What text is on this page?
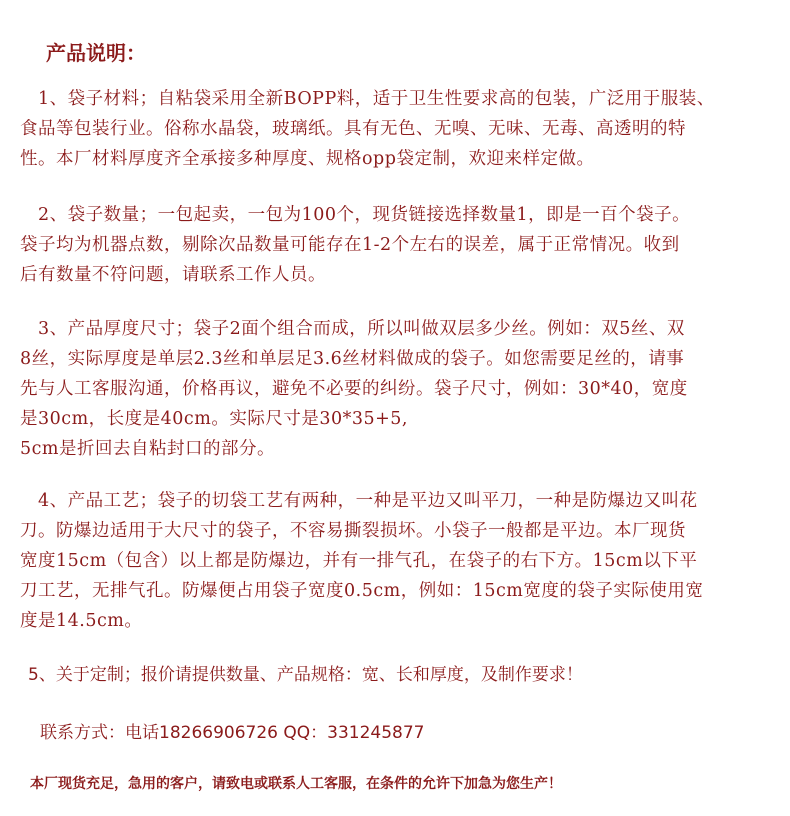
产品说明：
1、袋子材料；自粘袋采用全新BOPP料，适于卫生性要求高的包装，广泛用于服装、
食品等包装行业。俗称水晶袋，玻璃纸。具有无色、无嗅、无味、无毒、高透明的特
性。本厂材料厚度齐全承接多种厚度、规格opp袋定制，欢迎来样定做。
2、袋子数量；一包起卖，一包为100个，现货链接选择数量1，即是一百个袋子。
袋子均为机器点数，剔除次品数量可能存在1-2个左右的误差，属于正常情况。收到
后有数量不符问题，请联系工作人员。
3、产品厚度尺寸；袋子2面个组合而成，所以叫做双层多少丝。例如：双5丝、双
8丝，实际厚度是单层2.3丝和单层足3.6丝材料做成的袋子。如您需要足丝的，请事
先与人工客服沟通，价格再议，避免不必要的纠纷。袋子尺寸，例如：30*40，宽度
是30cm，长度是40cm。实际尺寸是30*35+5,
5cm是折回去自粘封口的部分。
4、产品工艺；袋子的切袋工艺有两种，一种是平边又叫平刀，一种是防爆边又叫花
刀。防爆边适用于大尺寸的袋子，不容易撕裂损坏。小袋子一般都是平边。本厂现货
宽度15cm（包含）以上都是防爆边，并有一排气孔，在袋子的右下方。15cm以下平
刀工艺，无排气孔。防爆便占用袋子宽度0.5cm，例如：15cm宽度的袋子实际使用宽
度是14.5cm。
5、关于定制；报价请提供数量、产品规格：宽、长和厚度，及制作要求！
联系方式：电话18266906726 QQ：331245877
本厂现货充足，急用的客户，请致电或联系人工客服，在条件的允许下加急为您生产！
